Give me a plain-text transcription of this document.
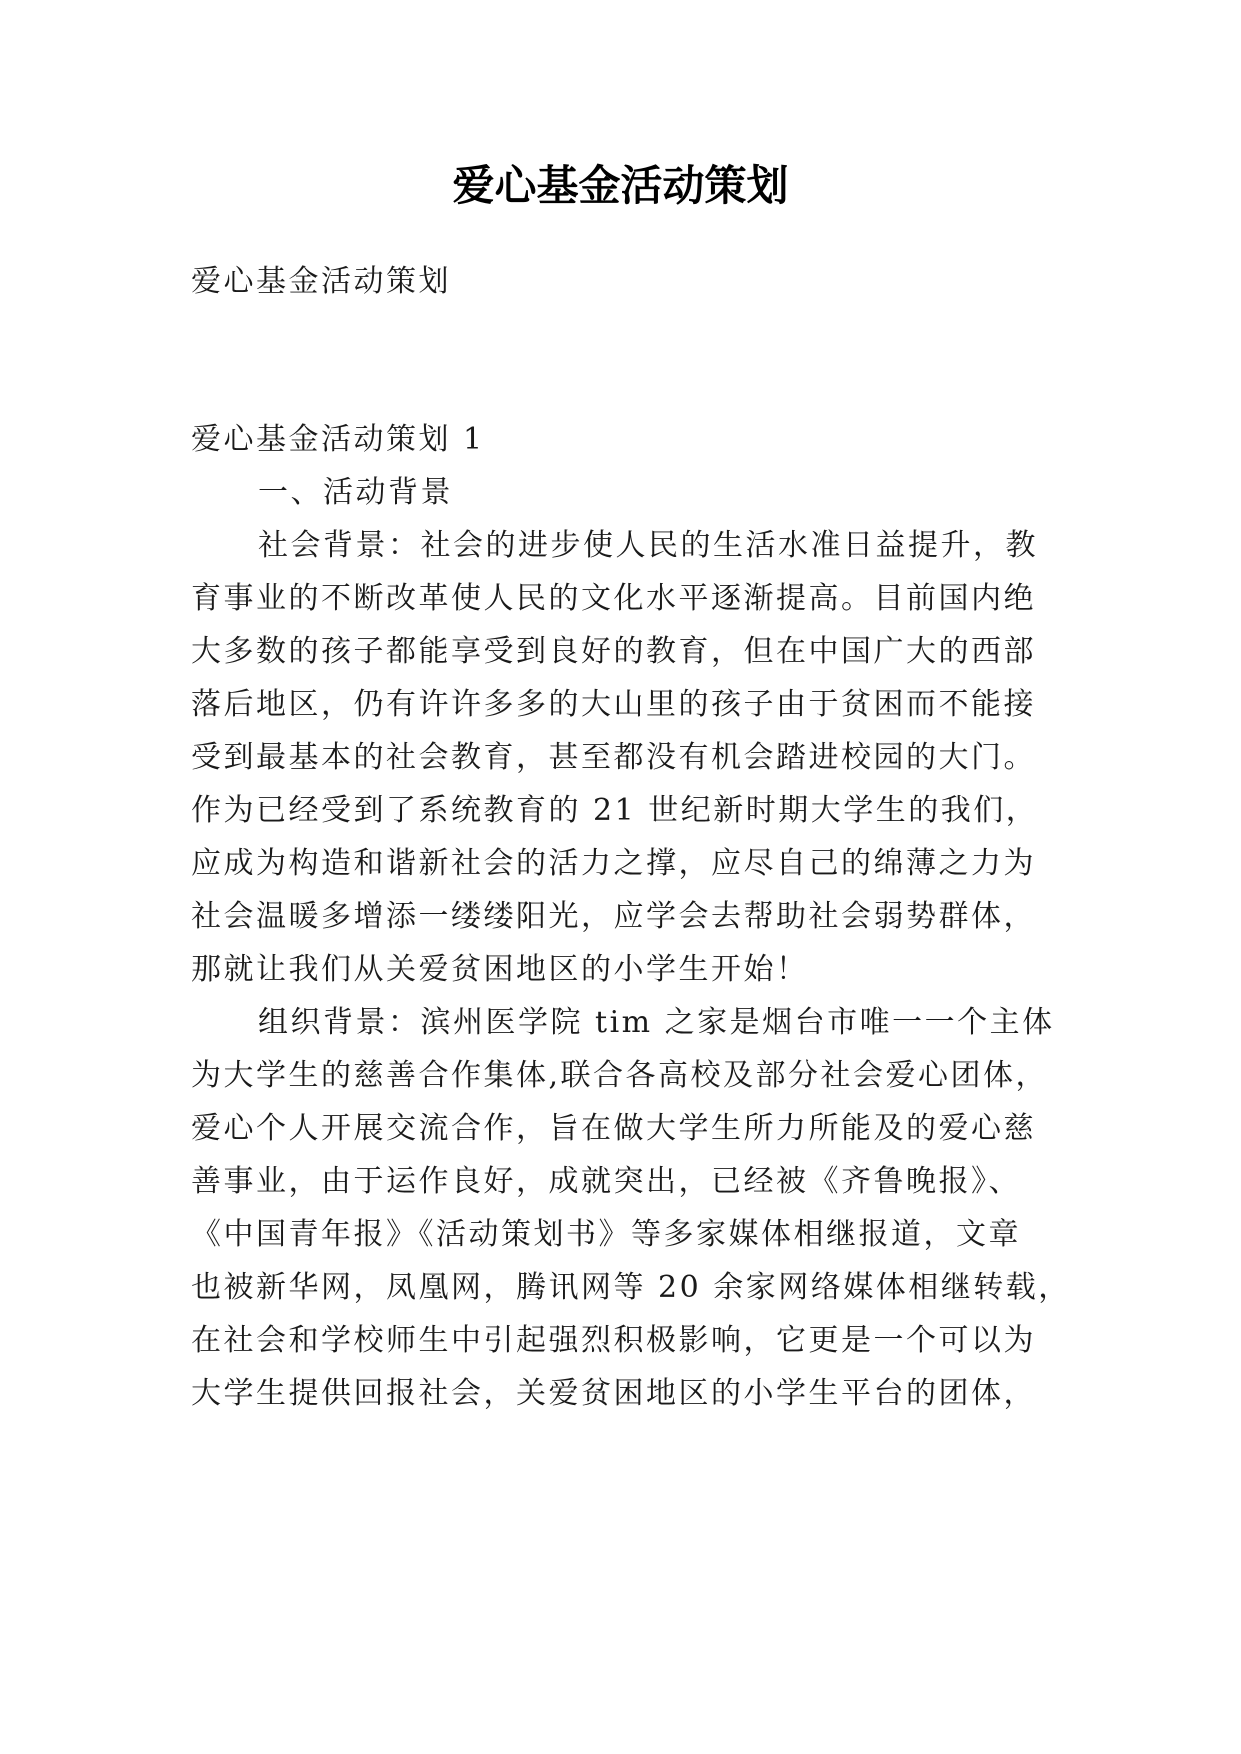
爱心基金活动策划

爱心基金活动策划

爱心基金活动策划 1

一、活动背景

社会背景：社会的进步使人民的生活水准日益提升，教

育事业的不断改革使人民的文化水平逐渐提高。目前国内绝

大多数的孩子都能享受到良好的教育，但在中国广大的西部

落后地区，仍有许许多多的大山里的孩子由于贫困而不能接

受到最基本的社会教育，甚至都没有机会踏进校园的大门。

作为已经受到了系统教育的 21 世纪新时期大学生的我们，

应成为构造和谐新社会的活力之撑，应尽自己的绵薄之力为

社会温暖多增添一缕缕阳光，应学会去帮助社会弱势群体，

那就让我们从关爱贫困地区的小学生开始！

组织背景：滨州医学院 tim 之家是烟台市唯一一个主体

为大学生的慈善合作集体,联合各高校及部分社会爱心团体，

爱心个人开展交流合作，旨在做大学生所力所能及的爱心慈

善事业，由于运作良好，成就突出，已经被《齐鲁晚报》、

《中国青年报》《活动策划书》等多家媒体相继报道，文章

也被新华网，凤凰网，腾讯网等 20 余家网络媒体相继转载，

在社会和学校师生中引起强烈积极影响，它更是一个可以为

大学生提供回报社会，关爱贫困地区的小学生平台的团体，
